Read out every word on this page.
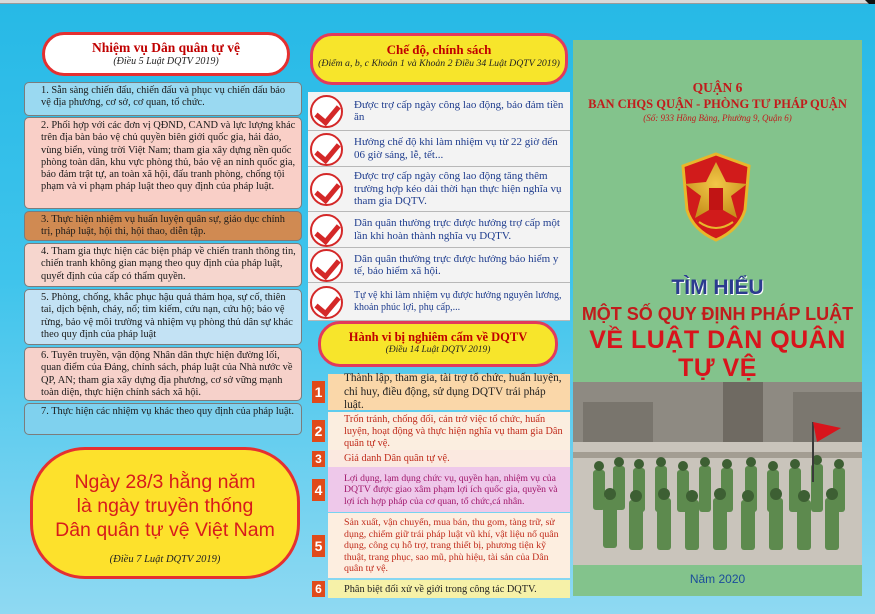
Nhiệm vụ Dân quân tự vệ
(Điều 5 Luật DQTV 2019)
1. Sẵn sàng chiến đấu, chiến đấu và phục vụ chiến đấu bảo vệ địa phương, cơ sở, cơ quan, tổ chức.
2. Phối hợp với các đơn vị QĐND, CAND và lực lượng khác trên địa bàn bảo vệ chủ quyền biên giới quốc gia, hải đảo, vùng biển, vùng trời Việt Nam; tham gia xây dựng nền quốc phòng toàn dân, khu vực phòng thủ, bảo vệ an ninh quốc gia, bảo đảm trật tự, an toàn xã hội, đấu tranh phòng, chống tội phạm và vi phạm pháp luật theo quy định của pháp luật.
3. Thực hiện nhiệm vụ huấn luyện quân sự, giáo dục chính trị, pháp luật, hội thi, hội thao, diễn tập.
4. Tham gia thực hiện các biện pháp về chiến tranh thông tin, chiến tranh không gian mạng theo quy định của pháp luật, quyết định của cấp có thẩm quyền.
5. Phòng, chống, khắc phục hậu quả thảm họa, sự cố, thiên tai, dịch bệnh, cháy, nổ; tìm kiếm, cứu nạn, cứu hộ; bảo vệ rừng, bảo vệ môi trường và nhiệm vụ phòng thủ dân sự khác theo quy định của pháp luật
6. Tuyên truyền, vận động Nhân dân thực hiện đường lối, quan điểm của Đảng, chính sách, pháp luật của Nhà nước về QP, AN; tham gia xây dựng địa phương, cơ sở vững mạnh toàn diện, thực hiện chính sách xã hội.
7. Thực hiện các nhiệm vụ khác theo quy định của pháp luật.
Ngày 28/3 hằng năm
là ngày truyền thống
Dân quân tự vệ Việt Nam
(Điều 7 Luật DQTV 2019)
Chế độ, chính sách
(Điểm a, b, c Khoản 1 và Khoản 2 Điều 34 Luật DQTV 2019)
Được trợ cấp ngày công lao động, bảo đảm tiền ăn
Hưởng chế độ khi làm nhiệm vụ từ 22 giờ đến 06 giờ sáng, lễ, tết...
Được trợ cấp ngày công lao động tăng thêm trường hợp kéo dài thời hạn thực hiện nghĩa vụ tham gia DQTV.
Dân quân thường trực được hưởng trợ cấp một lần khi hoàn thành nghĩa vụ DQTV.
Dân quân thường trực được hưởng bảo hiểm y tế, bảo hiểm xã hội.
Tự vệ khi làm nhiệm vụ được hưởng nguyên lương, khoản phúc lợi, phụ cấp,...
Hành vi bị nghiêm cấm về DQTV
(Điều 14 Luật DQTV 2019)
1
Thành lập, tham gia, tài trợ tổ chức, huấn luyện, chỉ huy, điều động, sử dụng DQTV trái pháp luật.
2
Trốn tránh, chống đối, cản trở việc tổ chức, huấn luyện, hoạt động và thực hiện nghĩa vụ tham gia Dân quân tự vệ.
3	Giả danh Dân quân tự vệ.
4
Lợi dụng, lạm dụng chức vụ, quyền hạn, nhiệm vụ của DQTV được giao xâm phạm lợi ích quốc gia, quyền và lợi ích hợp pháp của cơ quan, tổ chức,cá nhân.
5
Sản xuất, vận chuyển, mua bán, thu gom, tàng trữ, sử dụng, chiếm giữ trái pháp luật vũ khí, vật liệu nổ quân dụng, công cụ hỗ trợ, trang thiết bị, phương tiện kỹ thuật, trang phục, sao mũ, phù hiệu, tài sản của Dân quân tự vệ.
6	Phân biệt đối xử về giới trong công tác DQTV.
QUẬN 6
BAN CHQS QUẬN - PHÒNG TƯ PHÁP QUẬN
(Số: 933 Hồng Bàng, Phường 9, Quận 6)
TÌM HIỂU
MỘT SỐ QUY ĐỊNH PHÁP LUẬT
VỀ LUẬT DÂN QUÂN TỰ VỆ
Năm 2020
